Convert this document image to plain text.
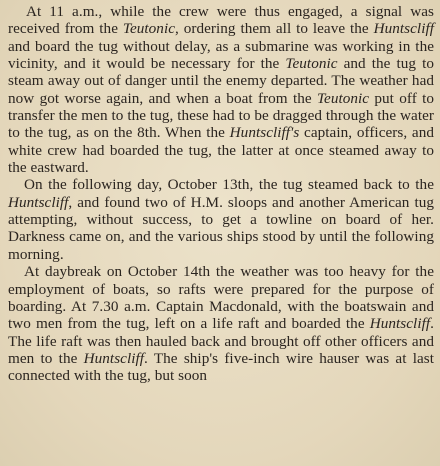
At 11 a.m., while the crew were thus engaged, a signal was received from the Teutonic, ordering them all to leave the Huntscliff and board the tug without delay, as a submarine was working in the vicinity, and it would be necessary for the Teutonic and the tug to steam away out of danger until the enemy departed. The weather had now got worse again, and when a boat from the Teutonic put off to transfer the men to the tug, these had to be dragged through the water to the tug, as on the 8th. When the Huntscliff's captain, officers, and white crew had boarded the tug, the latter at once steamed away to the eastward.

On the following day, October 13th, the tug steamed back to the Huntscliff, and found two of H.M. sloops and another American tug attempting, without success, to get a towline on board of her. Darkness came on, and the various ships stood by until the following morning.

At daybreak on October 14th the weather was too heavy for the employment of boats, so rafts were prepared for the purpose of boarding. At 7.30 a.m. Captain Macdonald, with the boatswain and two men from the tug, left on a life raft and boarded the Huntscliff. The life raft was then hauled back and brought off other officers and men to the Huntscliff. The ship's five-inch wire hauser was at last connected with the tug, but soon
